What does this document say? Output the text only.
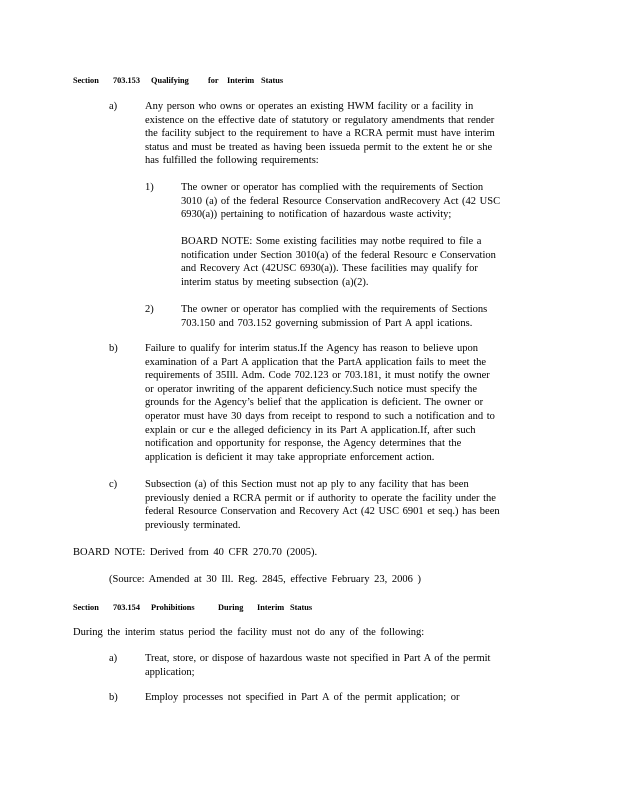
Section 703.153 Qualifying for Interim Status
a)	Any person who owns or operates an existing HWM facility or a facility in
existence on the effective date of statutory or regulatory amendments that render
the facility subject to the requirement to have a RCRA permit must have interim
status and must be treated as having been issueda permit to the extent he or she
has fulfilled the following requirements:
1)	The owner or operator has complied with the requirements of Section
3010 (a) of the federal Resource Conservation andRecovery Act (42 USC
6930(a)) pertaining to notification of hazardous waste activity;
BOARD NOTE: Some existing facilities may notbe required to file a
notification under Section 3010(a) of the federal Resourc e Conservation
and Recovery Act (42USC 6930(a)). These facilities may qualify for
interim status by meeting subsection (a)(2).
2)	The owner or operator has complied with the requirements of Sections
703.150 and 703.152 governing submission of Part A appl ications.
b)	Failure to qualify for interim status.If the Agency has reason to believe upon
examination of a Part A application that the PartA application fails to meet the
requirements of 35Ill. Adm. Code 702.123 or 703.181, it must notify the owner
or operator inwriting of the apparent deficiency.Such notice must specify the
grounds for the Agency’s belief that the application is deficient. The owner or
operator must have 30 days from receipt to respond to such a notification and to
explain or cur e the alleged deficiency in its Part A application.If, after such
notification and opportunity for response, the Agency determines that the
application is deficient it may take appropriate enforcement action.
c)	Subsection (a) of this Section must not ap ply to any facility that has been
previously denied a RCRA permit or if authority to operate the facility under the
federal Resource Conservation and Recovery Act (42 USC 6901 et seq.) has been
previously terminated.
BOARD NOTE: Derived from 40 CFR 270.70 (2005).
(Source: Amended at 30 Ill. Reg. 2845, effective February 23, 2006 )
Section 703.154 Prohibitions	During Interim Status
During the interim status period the facility must not do any of the following:
a)	Treat, store, or dispose of hazardous waste not specified in Part A of the permit
application;
b)	Employ processes not specified in Part A of the permit application; or
